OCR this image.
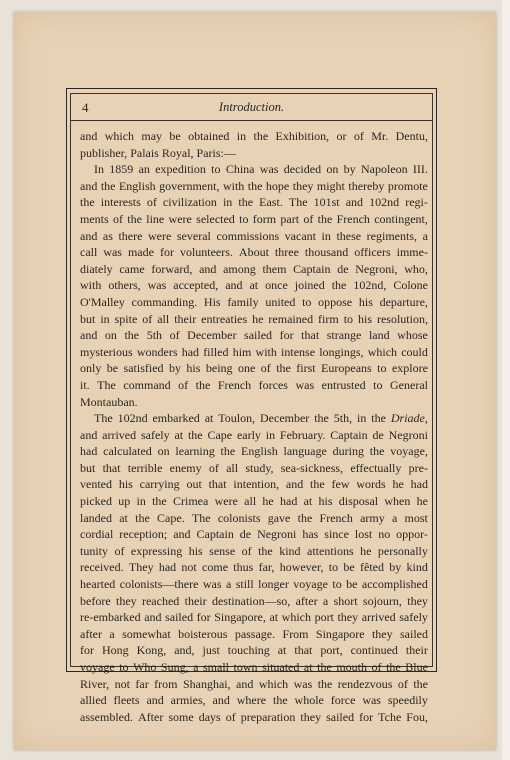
4	Introduction.
and which may be obtained in the Exhibition, or of Mr. Dentu,
publisher,
Palais
Royal,
Paris:—
In 1859 an expedition to China was decided on by Napoleon III.
and the English government, with the hope they might thereby promote
the interests of civilization in the East. The 101st and 102nd regi-
ments of the line were selected to form part of the French contingent,
and as there were several commissions vacant in these regiments, a
call was made for volunteers. About three thousand officers imme-
diately came forward, and among them Captain de Negroni, who,
with others, was accepted, and at once joined the 102nd, Colone
O'Malley commanding. His family united to oppose his departure,
but in spite of all their entreaties he remained firm to his resolution,
and on the 5th of December sailed for that strange land whose
mysterious wonders had filled him with intense longings, which could
only be satisfied by his being one of the first Europeans to explore
it. The command of the French forces was entrusted to General
Montauban.
The 102nd embarked at Toulon, December the 5th, in the Driade,
and arrived safely at the Cape early in February. Captain de Negroni
had calculated on learning the English language during the voyage,
but that terrible enemy of all study, sea-sickness, effectually pre-
vented his carrying out that intention, and the few words he had
picked up in the Crimea were all he had at his disposal when he
landed at the Cape. The colonists gave the French army a most
cordial reception; and Captain de Negroni has since lost no oppor-
tunity of expressing his sense of the kind attentions he personally
received. They had not come thus far, however, to be fêted by kind
hearted colonists—there was a still longer voyage to be accomplished
before they reached their destination—so, after a short sojourn, they
re-embarked and sailed for Singapore, at which port they arrived safely
after a somewhat boisterous passage. From Singapore they sailed
for Hong Kong, and, just touching at that port, continued their
voyage to Who Sung, a small town situated at the mouth of the Blue
River, not far from Shanghai, and which was the rendezvous of the
allied fleets and armies, and where the whole force was speedily
assembled. After some days of preparation they sailed for Tche Fou,
